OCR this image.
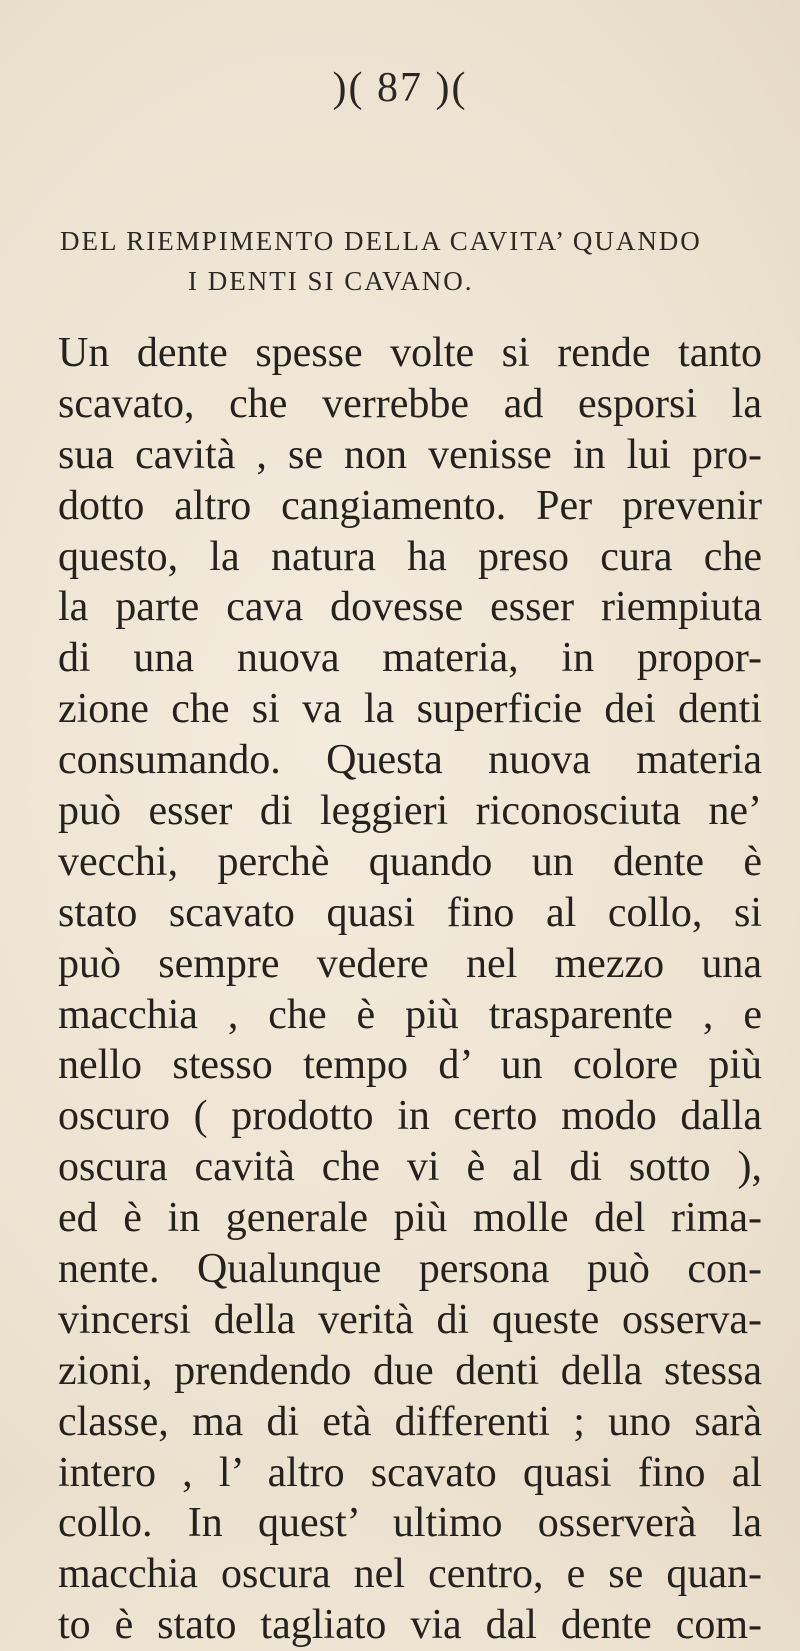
)( 87 )(
DEL RIEMPIMENTO DELLA CAVITA’ QUANDO
I DENTI SI CAVANO.
Un dente spesse volte si rende tanto
scavato, che verrebbe ad esporsi la
sua cavità , se non venisse in lui pro-
dotto altro cangiamento. Per prevenir
questo, la natura ha preso cura che
la parte cava dovesse esser riempiuta
di una nuova materia, in propor-
zione che si va la superficie dei denti
consumando. Questa nuova materia
può esser di leggieri riconosciuta ne’
vecchi, perchè quando un dente è
stato scavato quasi fino al collo, si
può sempre vedere nel mezzo una
macchia , che è più trasparente , e
nello stesso tempo d’ un colore più
oscuro ( prodotto in certo modo dalla
oscura cavità che vi è al di sotto ),
ed è in generale più molle del rima-
nente. Qualunque persona può con-
vincersi della verità di queste osserva-
zioni, prendendo due denti della stessa
classe, ma di età differenti ; uno sarà
intero , l’ altro scavato quasi fino al
collo. In quest’ ultimo osserverà la
macchia oscura nel centro, e se quan-
to è stato tagliato via dal dente com-
